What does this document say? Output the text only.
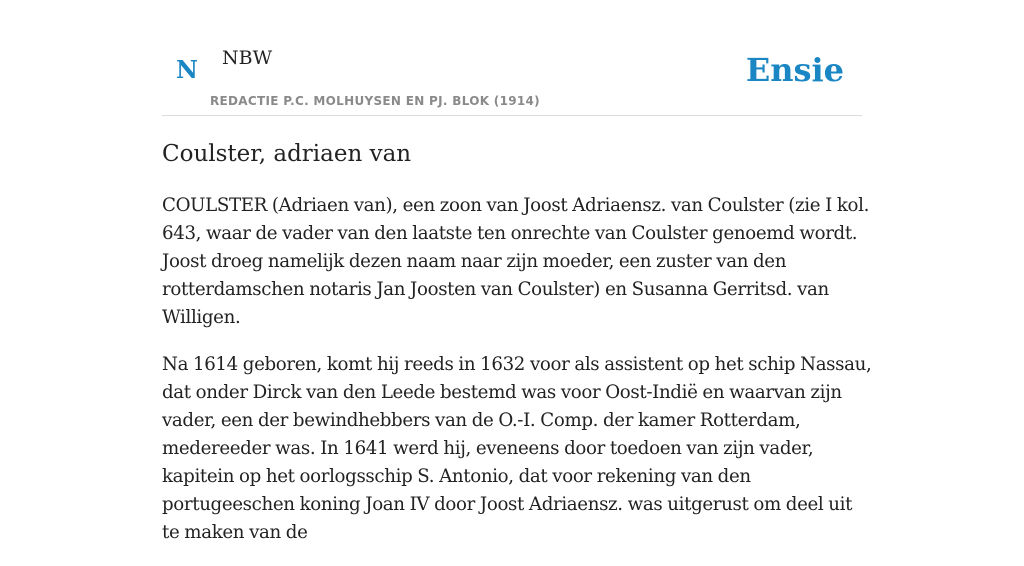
N NBW
REDACTIE P.C. MOLHUYSEN EN PJ. BLOK (1914)
Ensie
Coulster, adriaen van

COULSTER (Adriaen van), een zoon van Joost Adriaensz. van Coulster (zie I kol. 643, waar de vader van den laatste ten onrechte van Coulster genoemd wordt. Joost droeg namelijk dezen naam naar zijn moeder, een zuster van den rotterdamschen notaris Jan Joosten van Coulster) en Susanna Gerritsd. van Willigen.

Na 1614 geboren, komt hij reeds in 1632 voor als assistent op het schip Nassau, dat onder Dirck van den Leede bestemd was voor Oost-Indië en waarvan zijn vader, een der bewindhebbers van de O.-I. Comp. der kamer Rotterdam, medereeder was. In 1641 werd hij, eveneens door toedoen van zijn vader, kapitein op het oorlogsschip S. Antonio, dat voor rekening van den portugeeschen koning Joan IV door Joost Adriaensz. was uitgerust om deel uit te maken van de
